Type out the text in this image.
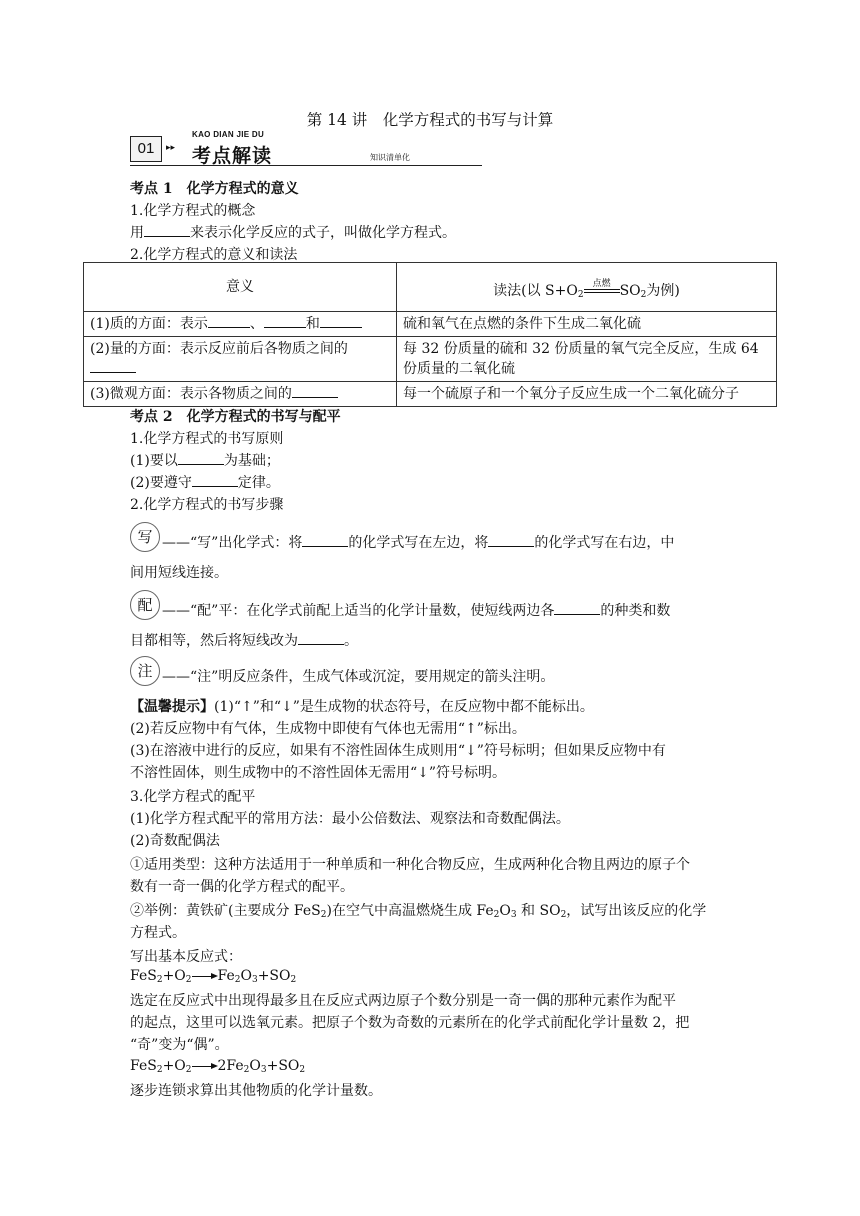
第 14 讲　化学方程式的书写与计算
01	▸▸
KAO DIAN JIE DU
考点解读	知识清单化
考点 1　化学方程式的意义
1.化学方程式的概念
用	来表示化学反应的式子，叫做化学方程式。
2.化学方程式的意义和读法
意义	读法(以 $S+O_2$
点燃 $SO_2$为例)
(1)质的方面：表示 、 和	硫和氧气在点燃的条件下生成二氧化硫
(2)量的方面：表示反应前后各物质之间的	每 32 份质量的硫和 32 份质量的氧气完全反应，生成 64 份质量的二氧化硫
(3)微观方面：表示各物质之间的	每一个硫原子和一个氧分子反应生成一个二氧化硫分子
考点 2　化学方程式的书写与配平
1.化学方程式的书写原则
(1)要以	为基础；
(2)要遵守	定律。
2.化学方程式的书写步骤
写 ——“写”出化学式：将	的化学式写在左边，将	的化学式写在右边，中
间用短线连接。
配 ——“配”平：在化学式前配上适当的化学计量数，使短线两边各	的种类和数
目都相等，然后将短线改为	。
注 ——“注”明反应条件，生成气体或沉淀，要用规定的箭头注明。
【温馨提示】(1)“↑”和“↓”是生成物的状态符号，在反应物中都不能标出。
(2)若反应物中有气体，生成物中即使有气体也无需用“↑”标出。
(3)在溶液中进行的反应，如果有不溶性固体生成则用“↓”符号标明；但如果反应物中有
不溶性固体，则生成物中的不溶性固体无需用“↓”符号标明。
3.化学方程式的配平
(1)化学方程式配平的常用方法：最小公倍数法、观察法和奇数配偶法。
(2)奇数配偶法
①适用类型：这种方法适用于一种单质和一种化合物反应，生成两种化合物且两边的原子个
数有一奇一偶的化学方程式的配平。
②举例：黄铁矿(主要成分 FeS$_2$)在空气中高温燃烧生成 $Fe_2O_3$ 和 $SO_2$，试写出该反应的化学
方程式。
写出基本反应式：
$FeS_2+O_2$ $Fe_2O_3+SO_2$
选定在反应式中出现得最多且在反应式两边原子个数分别是一奇一偶的那种元素作为配平
的起点，这里可以选氧元素。把原子个数为奇数的元素所在的化学式前配化学计量数 2，把
“奇”变为“偶”。
$FeS_2+O_2$ $2Fe_2O_3+SO_2$
逐步连锁求算出其他物质的化学计量数。
